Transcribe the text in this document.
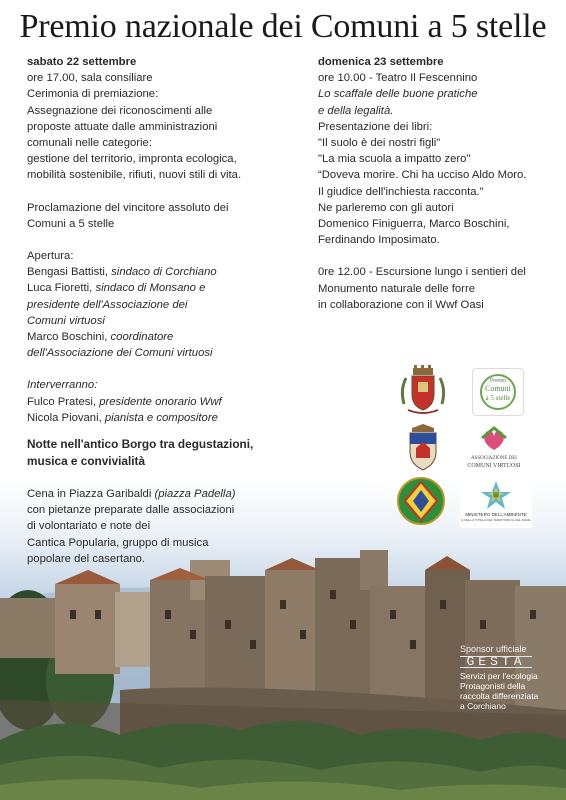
Premio nazionale dei Comuni a 5 stelle

sabato 22 settembre

ore 17.00, sala consiliare

Cerimonia di premiazione:

Assegnazione dei riconoscimenti alle

proposte attuate dalle amministrazioni

comunali nelle categorie:

gestione del territorio, impronta ecologica,

mobilità sostenibile, rifiuti, nuovi stili di vita.

Proclamazione del vincitore assoluto dei

Comuni a 5 stelle

Apertura:

Bengasi Battisti, sindaco di Corchiano

Luca Fioretti, sindaco di Monsano e

presidente dell'Associazione dei

Comuni virtuosi

Marco Boschini, coordinatore

dell'Associazione dei Comuni virtuosi

Interverranno:

Fulco Pratesi, presidente onorario Wwf

Nicola Piovani, pianista e compositore

Notte nell'antico Borgo tra degustazioni,

musica e convivialità

Cena in Piazza Garibaldi (piazza Padella)

con pietanze preparate dalle associazioni

di volontariato e note dei

Cantica Popularia, gruppo di musica

popolare del casertano.

domenica 23 settembre

ore 10.00 - Teatro Il Fescennino

Lo scaffale delle buone pratiche

e della legalità.

Presentazione dei libri:

"Il suolo è dei nostri figli"

"La mia scuola a impatto zero"

“Doveva morire. Chi ha ucciso Aldo Moro.

Il giudice dell'inchiesta racconta.”

Ne parleremo con gli autori

Domenico Finiguerra, Marco Boschini,

Ferdinando Imposimato.

0re 12.00 - Escursione lungo i sentieri del

Monumento naturale delle forre

in collaborazione con il Wwf Oasi

Premio
Comuni
a 5 stelle
ASSOCIAZIONE DEI
COMUNI VIRTUOSI
MINISTERO DELL'AMBIENTE
E DELLA TUTELA DEL TERRITORIO E DEL MARE
Sponsor ufficiale
GESTA
Servizi per l'ecologia
Protagonisti della
raccolta differenziata
a Corchiano
